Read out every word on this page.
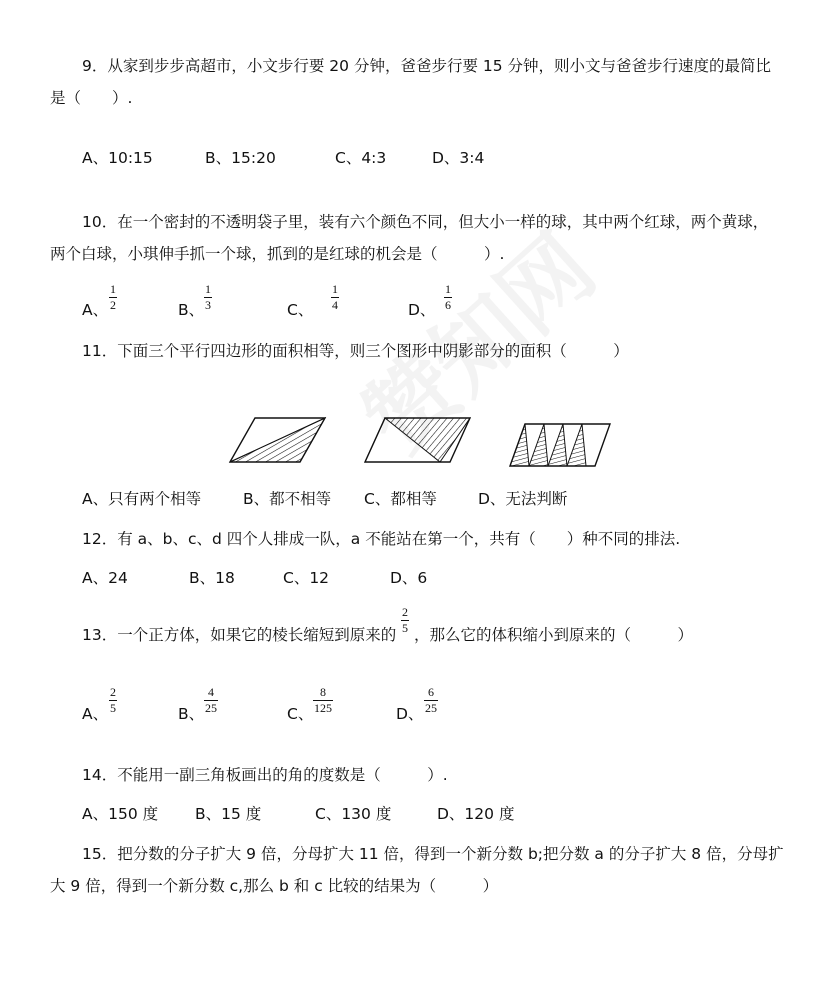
9．从家到步步高超市，小文步行要 20 分钟，爸爸步行要 15 分钟，则小文与爸爸步行速度的最简比
是（　　）.
A、10:15	B、15:20	C、4:3	D、3:4
10．在一个密封的不透明袋子里，装有六个颜色不同，但大小一样的球，其中两个红球，两个黄球，
两个白球，小琪伸手抓一个球，抓到的是红球的机会是（　　　）.
A、
1
2	B、
1
3	C、
1
4	D、
1
6
11．下面三个平行四边形的面积相等，则三个图形中阴影部分的面积（　　　）
A、只有两个相等	B、都不相等 C、都相等	D、无法判断
12．有 a、b、c、d 四个人排成一队，a 不能站在第一个，共有（　　）种不同的排法.
A、24	B、18	C、12	D、6
13．一个正方体，如果它的棱长缩短到原来的
2
5 ，那么它的体积缩小到原来的（　　　）
A、
2
5	B、
4
25	C、
8
125	D、
6
25
14．不能用一副三角板画出的角的度数是（　　　）.
A、150 度 B、15 度	C、130 度	D、120 度
15．把分数的分子扩大 9 倍，分母扩大 11 倍，得到一个新分数 b;把分数 a 的分子扩大 8 倍，分母扩
大 9 倍，得到一个新分数 c,那么 b 和 c 比较的结果为（　　　）
